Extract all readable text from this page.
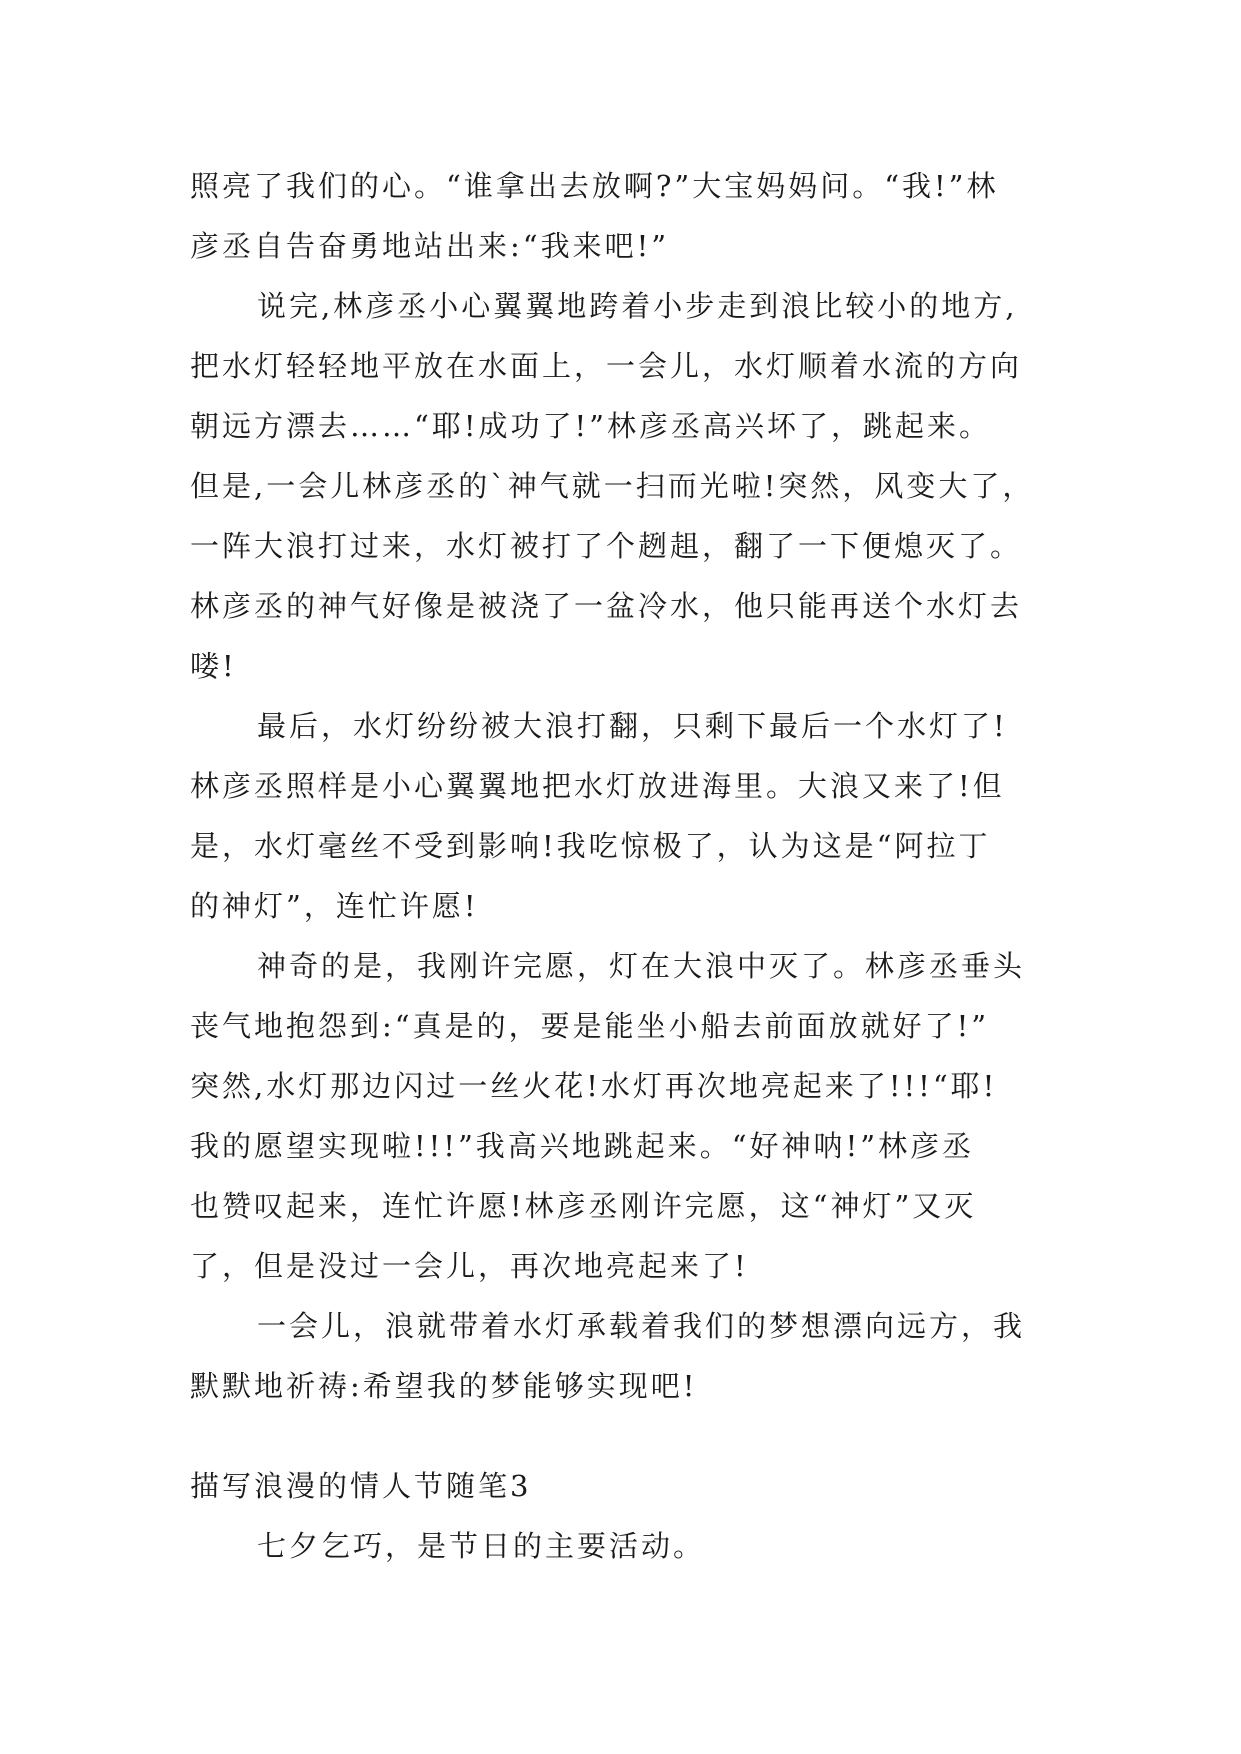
照亮了我们的心。“谁拿出去放啊?”大宝妈妈问。“我!”林
彦丞自告奋勇地站出来:“我来吧!”
说完,林彦丞小心翼翼地跨着小步走到浪比较小的地方,
把水灯轻轻地平放在水面上，一会儿，水灯顺着水流的方向
朝远方漂去……“耶!成功了!”林彦丞高兴坏了，跳起来。
但是,一会儿林彦丞的`神气就一扫而光啦!突然，风变大了，
一阵大浪打过来，水灯被打了个趔趄，翻了一下便熄灭了。
林彦丞的神气好像是被浇了一盆冷水，他只能再送个水灯去
喽!
最后，水灯纷纷被大浪打翻，只剩下最后一个水灯了!
林彦丞照样是小心翼翼地把水灯放进海里。大浪又来了!但
是，水灯毫丝不受到影响!我吃惊极了，认为这是“阿拉丁
的神灯”，连忙许愿!
神奇的是，我刚许完愿，灯在大浪中灭了。林彦丞垂头
丧气地抱怨到:“真是的，要是能坐小船去前面放就好了!”
突然,水灯那边闪过一丝火花!水灯再次地亮起来了!!!“耶!
我的愿望实现啦!!!”我高兴地跳起来。“好神呐!”林彦丞
也赞叹起来，连忙许愿!林彦丞刚许完愿，这“神灯”又灭
了，但是没过一会儿，再次地亮起来了!
一会儿，浪就带着水灯承载着我们的梦想漂向远方，我
默默地祈祷:希望我的梦能够实现吧!
描写浪漫的情人节随笔3
七夕乞巧，是节日的主要活动。
